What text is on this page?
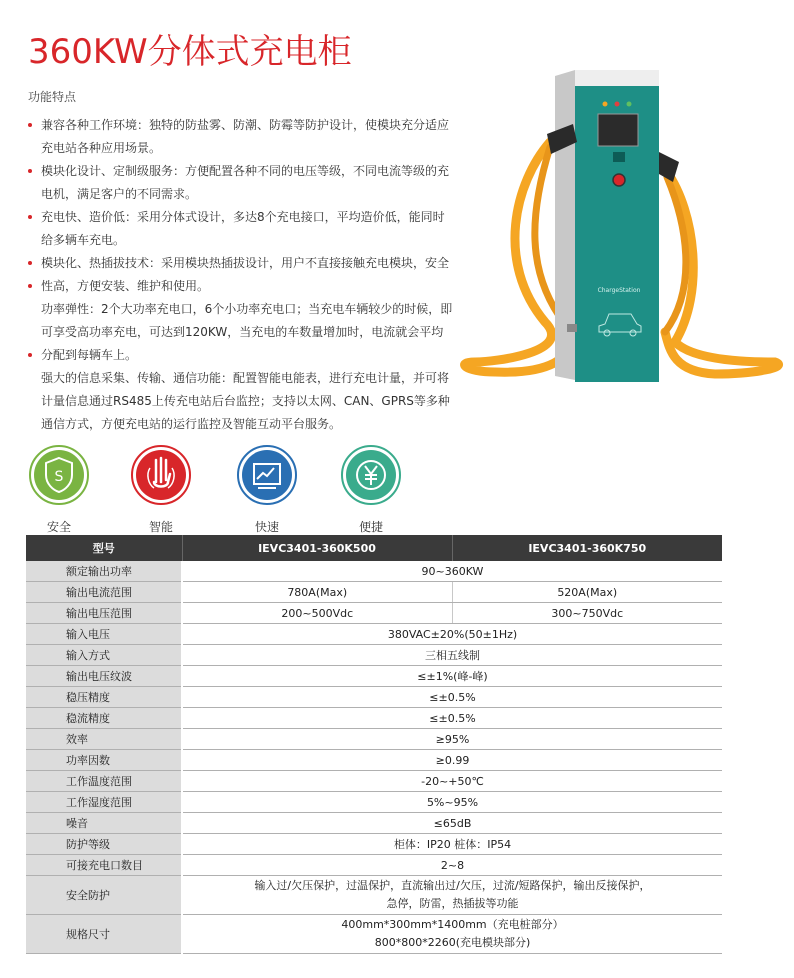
360KW分体式充电柜
功能特点
兼容各种工作环境：独特的防盐雾、防潮、防霉等防护设计，使模块充分适应
充电站各种应用场景。
模块化设计、定制级服务：方便配置各种不同的电压等级，不同电流等级的充
电机，满足客户的不同需求。
充电快、造价低：采用分体式设计，多达8个充电接口，平均造价低，能同时
给多辆车充电。
模块化、热插拔技术：采用模块热插拔设计，用户不直接接触充电模块，安全
性高，方便安装、维护和使用。
功率弹性：2个大功率充电口，6个小功率充电口；当充电车辆较少的时候，即
可享受高功率充电，可达到120KW，当充电的车数量增加时，电流就会平均
分配到每辆车上。
强大的信息采集、传输、通信功能：配置智能电能表，进行充电计量，并可将
计量信息通过RS485上传充电站后台监控；支持以太网、CAN、GPRS等多种
通信方式，方便充电站的运行监控及智能互动平台服务。
ChargeStation
S
安全	智能	快速	便捷
型号	IEVC3401-360K500	IEVC3401-360K750
额定输出功率	90~360KW	
输出电流范围	780A(Max)	520A(Max)
输出电压范围	200~500Vdc	300~750Vdc
输入电压	380VAC±20%(50±1Hz)	
输入方式	三相五线制	
输出电压纹波	≤±1%(峰-峰)	
稳压精度	≤±0.5%	
稳流精度	≤±0.5%	
效率	≥95%	
功率因数	≥0.99	
工作温度范围	-20~+50℃	
工作湿度范围	5%~95%	
噪音	≤65dB	
防护等级	柜体：IP20 桩体：IP54	
可接充电口数目	2~8	
安全防护	输入过/欠压保护，过温保护，直流输出过/欠压，过流/短路保护，输出反接保护，
急停，防雷，热插拔等功能	

规格尺寸	400mm*300mm*1400mm（充电桩部分）
800*800*2260(充电模块部分)	
